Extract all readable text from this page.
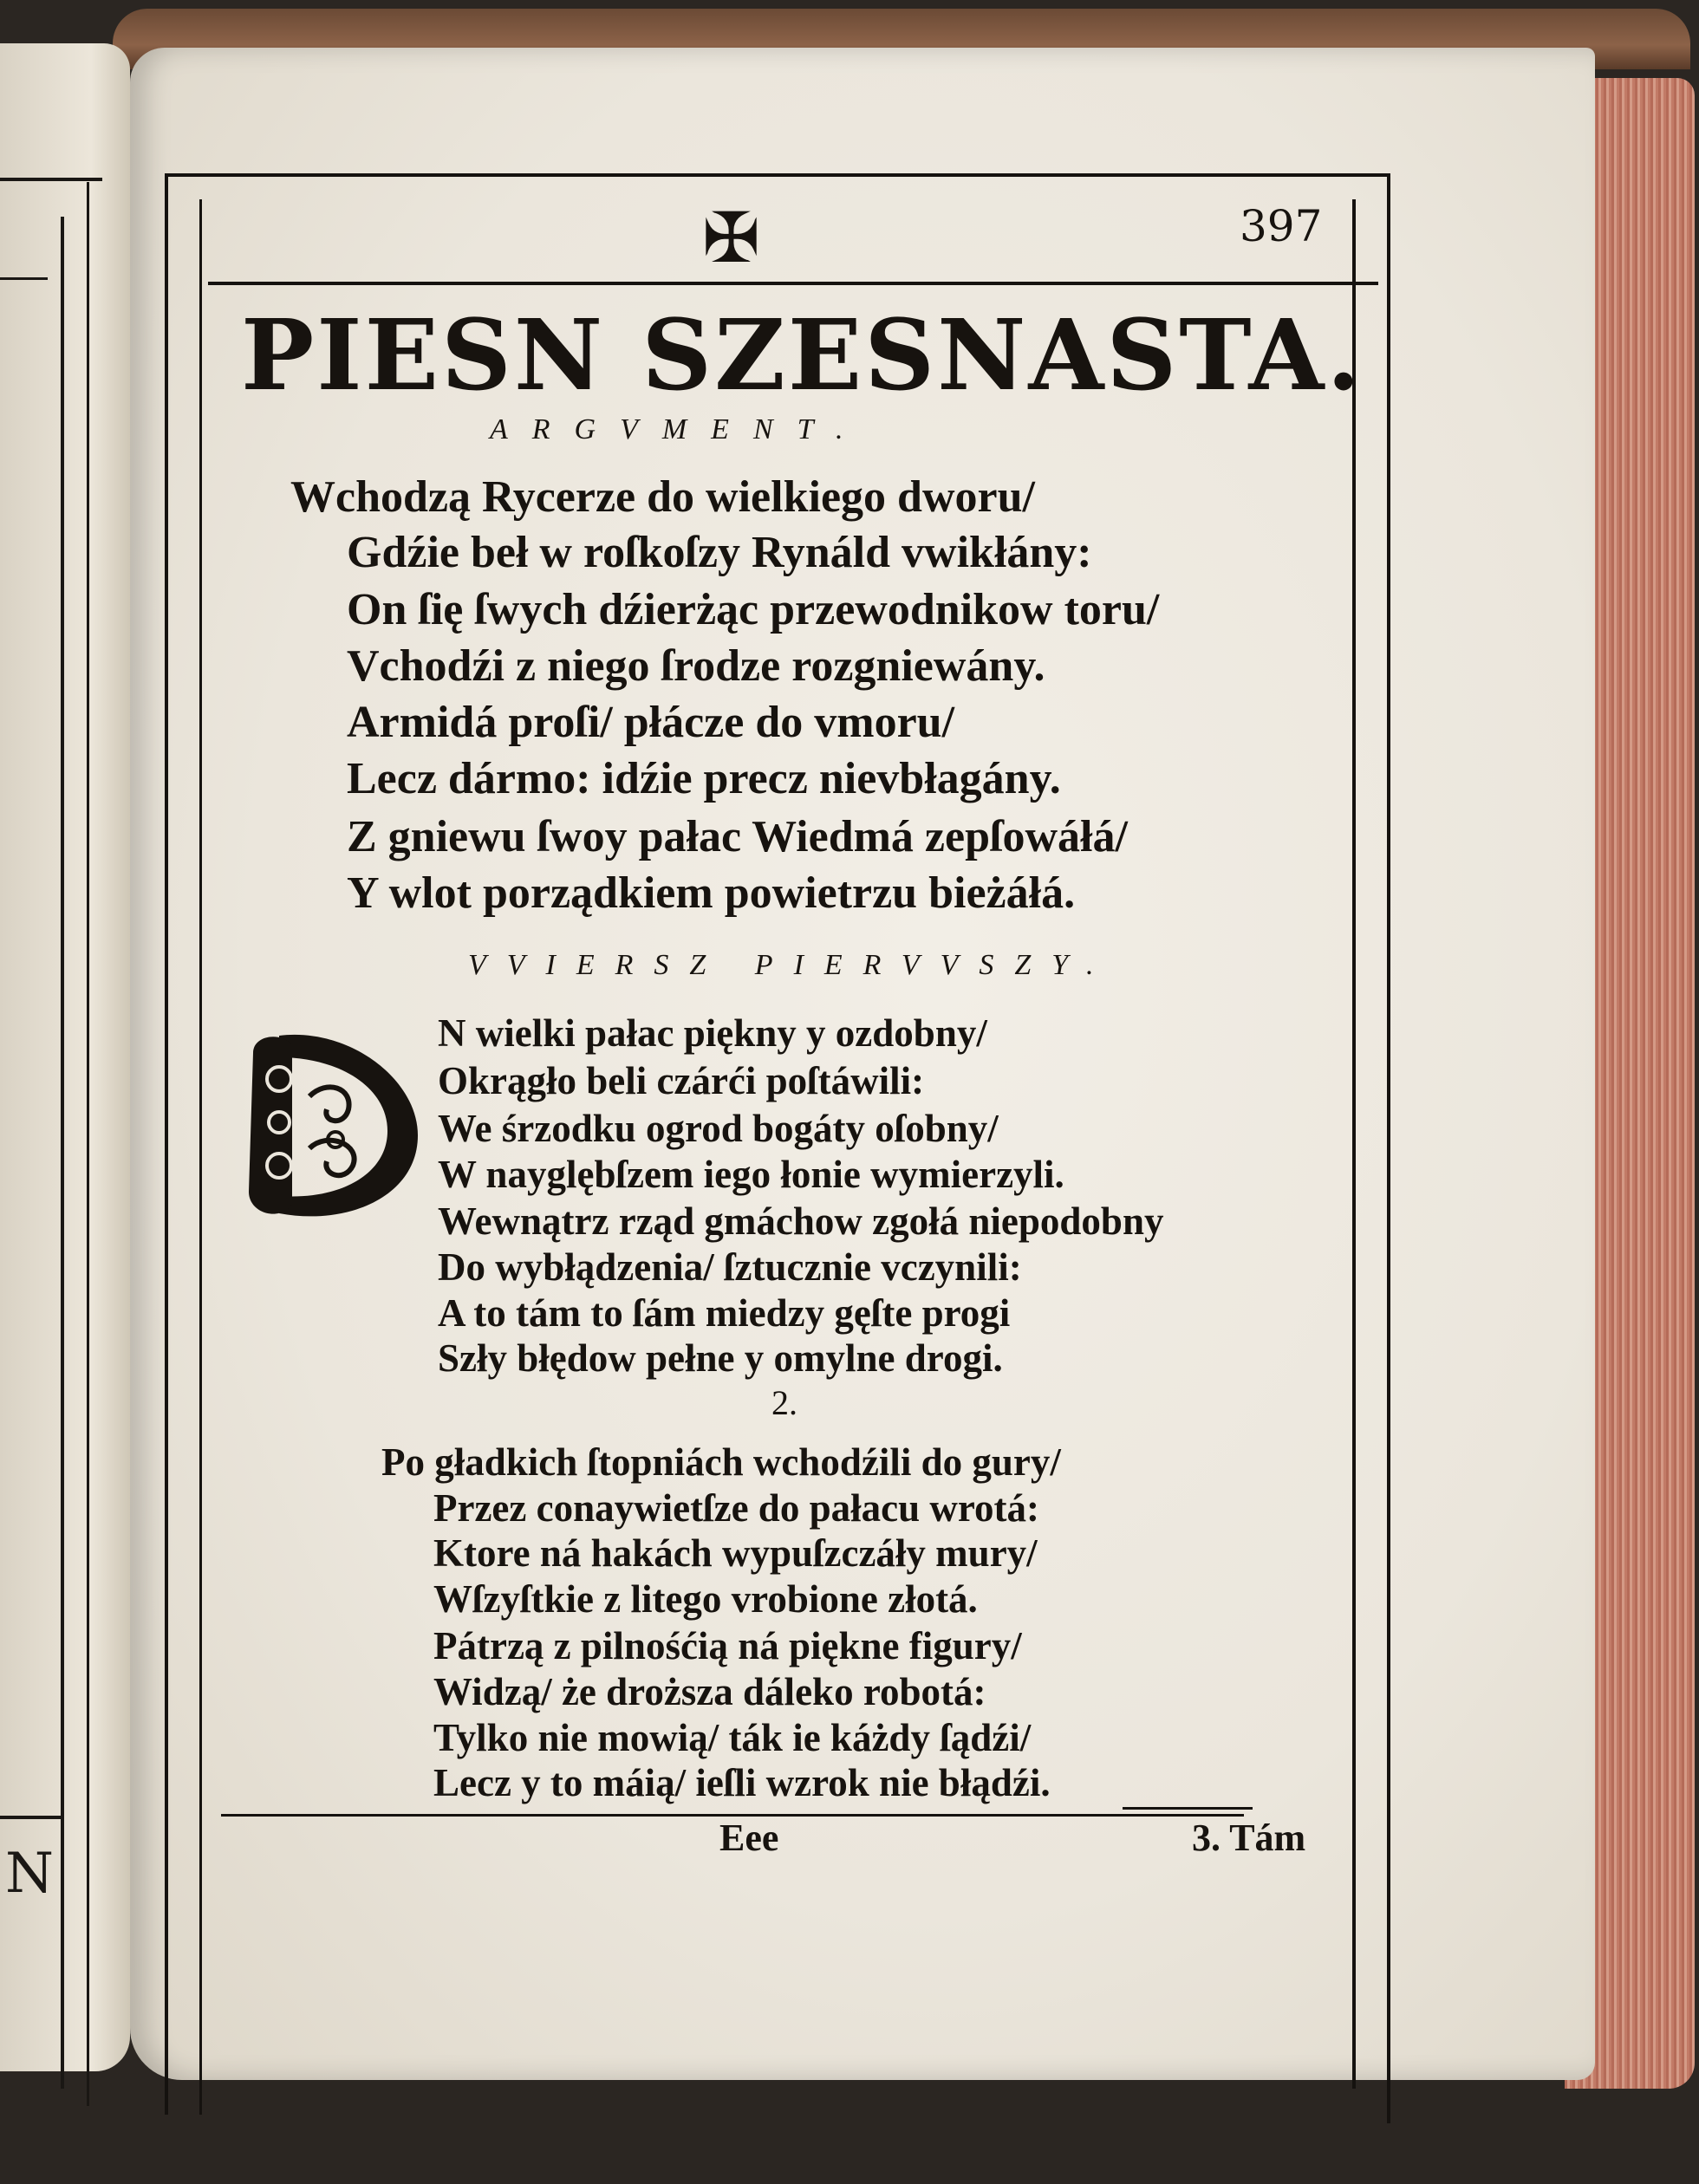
N
✠	397
PIESN SZESNASTA.
ARGVMENT.
Wchodzą Rycerze do wielkiego dworu/
Gdźie beł w roſkoſzy Rynáld vwikłány:
On ſię ſwych dźierżąc przewodnikow toru/
Vchodźi z niego ſrodze rozgniewány.
Armidá proſi/ płácze do vmoru/
Lecz dármo: idźie precz nievbłagány.
Z gniewu ſwoy pałac Wiedmá zepſowáłá/
Y wlot porządkiem powietrzu bieżáłá.
VVIERSZ PIERVVSZY.
N wielki pałac piękny y ozdobny/
Okrągło beli czárći poſtáwili:
We śrzodku ogrod bogáty oſobny/
W nayglębſzem iego łonie wymierzyli.
Wewnątrz rząd gmáchow zgołá niepodobny
Do wybłądzenia/ ſztucznie vczynili:
A to tám to ſám miedzy gęſte progi
Szły błędow pełne y omylne drogi.
2.
Po gładkich ſtopniách wchodźili do gury/
Przez conaywietſze do pałacu wrotá:
Ktore ná hakách wypuſzczáły mury/
Wſzyſtkie z litego vrobione złotá.
Pátrzą z pilnośćią ná piękne figury/
Widzą/ że droższa dáleko robotá:
Tylko nie mowią/ ták ie káżdy ſądźi/
Lecz y to máią/ ieſli wzrok nie błądźi.
Eee	3. Tám
